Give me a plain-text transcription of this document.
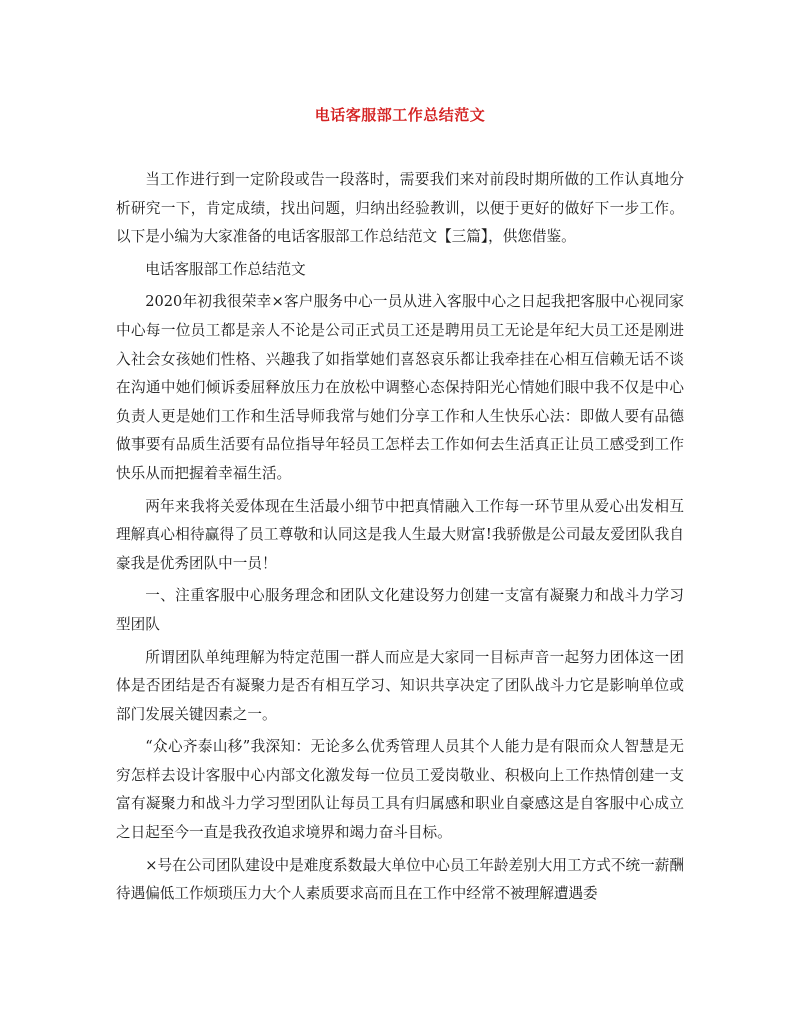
电话客服部工作总结范文

当工作进行到一定阶段或告一段落时，需要我们来对前段时期所做的工作认真地分析研究一下，肯定成绩，找出问题，归纳出经验教训，以便于更好的做好下一步工作。以下是小编为大家准备的电话客服部工作总结范文【三篇】，供您借鉴。

电话客服部工作总结范文

2020年初我很荣幸×客户服务中心一员从进入客服中心之日起我把客服中心视同家中心每一位员工都是亲人不论是公司正式员工还是聘用员工无论是年纪大员工还是刚进入社会女孩她们性格、兴趣我了如指掌她们喜怒哀乐都让我牵挂在心相互信赖无话不谈在沟通中她们倾诉委屈释放压力在放松中调整心态保持阳光心情她们眼中我不仅是中心负责人更是她们工作和生活导师我常与她们分享工作和人生快乐心法：即做人要有品德做事要有品质生活要有品位指导年轻员工怎样去工作如何去生活真正让员工感受到工作快乐从而把握着幸福生活。

两年来我将关爱体现在生活最小细节中把真情融入工作每一环节里从爱心出发相互理解真心相待赢得了员工尊敬和认同这是我人生最大财富!我骄傲是公司最友爱团队我自豪我是优秀团队中一员！

一、注重客服中心服务理念和团队文化建设努力创建一支富有凝聚力和战斗力学习型团队

所谓团队单纯理解为特定范围一群人而应是大家同一目标声音一起努力团体这一团体是否团结是否有凝聚力是否有相互学习、知识共享决定了团队战斗力它是影响单位或部门发展关键因素之一。

“众心齐泰山移”我深知：无论多么优秀管理人员其个人能力是有限而众人智慧是无穷怎样去设计客服中心内部文化激发每一位员工爱岗敬业、积极向上工作热情创建一支富有凝聚力和战斗力学习型团队让每员工具有归属感和职业自豪感这是自客服中心成立之日起至今一直是我孜孜追求境界和竭力奋斗目标。

×号在公司团队建设中是难度系数最大单位中心员工年龄差别大用工方式不统一薪酬待遇偏低工作烦琐压力大个人素质要求高而且在工作中经常不被理解遭遇委
